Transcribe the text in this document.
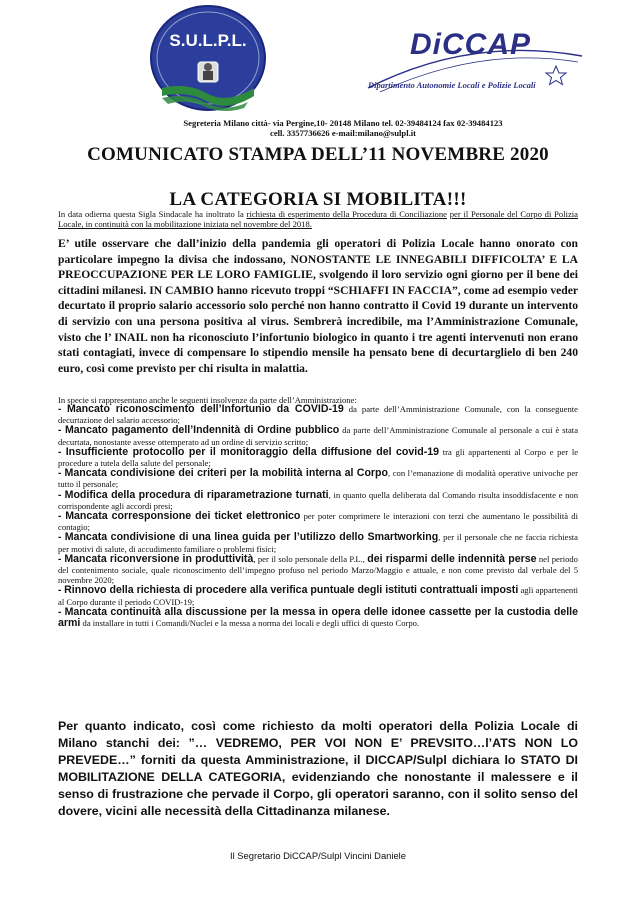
S.U.L.P.L.	DiCCAP
Dipartimento Autonomie Locali e Polizie Locali
Segreteria Milano città- via Pergine,10- 20148 Milano tel. 02-39484124 fax 02-39484123
cell. 3357736626 e-mail:milano@sulpl.it
COMUNICATO STAMPA DELL’11 NOVEMBRE 2020
LA CATEGORIA SI MOBILITA!!!
In data odierna questa Sigla Sindacale ha inoltrato la richiesta di esperimento della Procedura di Conciliazione per il Personale del Corpo di Polizia Locale, in continuità con la mobilitazione iniziata nel novembre del 2018.
E’ utile osservare che dall’inizio della pandemia gli operatori di Polizia Locale hanno onorato con particolare impegno la divisa che indossano, NONOSTANTE LE INNEGABILI DIFFICOLTA’ E LA PREOCCUPAZIONE PER LE LORO FAMIGLIE, svolgendo il loro servizio ogni giorno per il bene dei cittadini milanesi. IN CAMBIO hanno ricevuto troppi “SCHIAFFI IN FACCIA”, come ad esempio veder decurtato il proprio salario accessorio solo perché non hanno contratto il Covid 19 durante un intervento di servizio con una persona positiva al virus. Sembrerà incredibile, ma l’Amministrazione Comunale, visto che l’ INAIL non ha riconosciuto l’infortunio biologico in quanto i tre agenti intervenuti non erano stati contagiati, invece di compensare lo stipendio mensile ha pensato bene di decurtarglielo di ben 240 euro, così come previsto per chi risulta in malattia.
In specie si rappresentano anche le seguenti insolvenze da parte dell’Amministrazione:

- Mancato riconoscimento dell’Infortunio da COVID-19 da parte dell’Amministrazione Comunale, con la conseguente decurtazione del salario accessorio;

- Mancato pagamento dell’Indennità di Ordine pubblico da parte dell’Amministrazione Comunale al personale a cui è stata decurtata, nonostante avesse ottemperato ad un ordine di servizio scritto;

- Insufficiente protocollo per il monitoraggio della diffusione del covid-19 tra gli appartenenti al Corpo e per le procedure a tutela della salute del personale;

- Mancata condivisione dei criteri per la mobilità interna al Corpo, con l’emanazione di modalità operative univoche per tutto il personale;

- Modifica della procedura di riparametrazione turnati, in quanto quella deliberata dal Comando risulta insoddisfacente e non corrispondente agli accordi presi;

- Mancata corresponsione dei ticket elettronico per poter comprimere le interazioni con terzi che aumentano le possibilità di contagio;

- Mancata condivisione di una linea guida per l’utilizzo dello Smartworking, per il personale che ne faccia richiesta per motivi di salute, di accudimento familiare o problemi fisici;

- Mancata riconversione in produttività, per il solo personale della P.L., dei risparmi delle indennità perse nel periodo del contenimento sociale, quale riconoscimento dell’impegno profuso nel periodo Marzo/Maggio e attuale, e non come previsto dal verbale del 5 novembre 2020;

- Rinnovo della richiesta di procedere alla verifica puntuale degli istituti contrattuali imposti agli appartenenti al Corpo durante il periodo COVID-19;

- Mancata continuità alla discussione per la messa in opera delle idonee cassette per la custodia delle armi da installare in tutti i Comandi/Nuclei e la messa a norma dei locali e degli uffici di questo Corpo.

Per quanto indicato, così come richiesto da molti operatori della Polizia Locale di Milano stanchi dei: ”… VEDREMO, PER VOI NON E’ PREVSITO…l’ATS NON LO PREVEDE…” forniti da questa Amministrazione, il DICCAP/Sulpl dichiara lo STATO DI MOBILITAZIONE DELLA CATEGORIA, evidenziando che nonostante il malessere e il senso di frustrazione che pervade il Corpo, gli operatori saranno, con il solito senso del dovere, vicini alle necessità della Cittadinanza milanese.
Il Segretario DiCCAP/Sulpl Vincini Daniele
